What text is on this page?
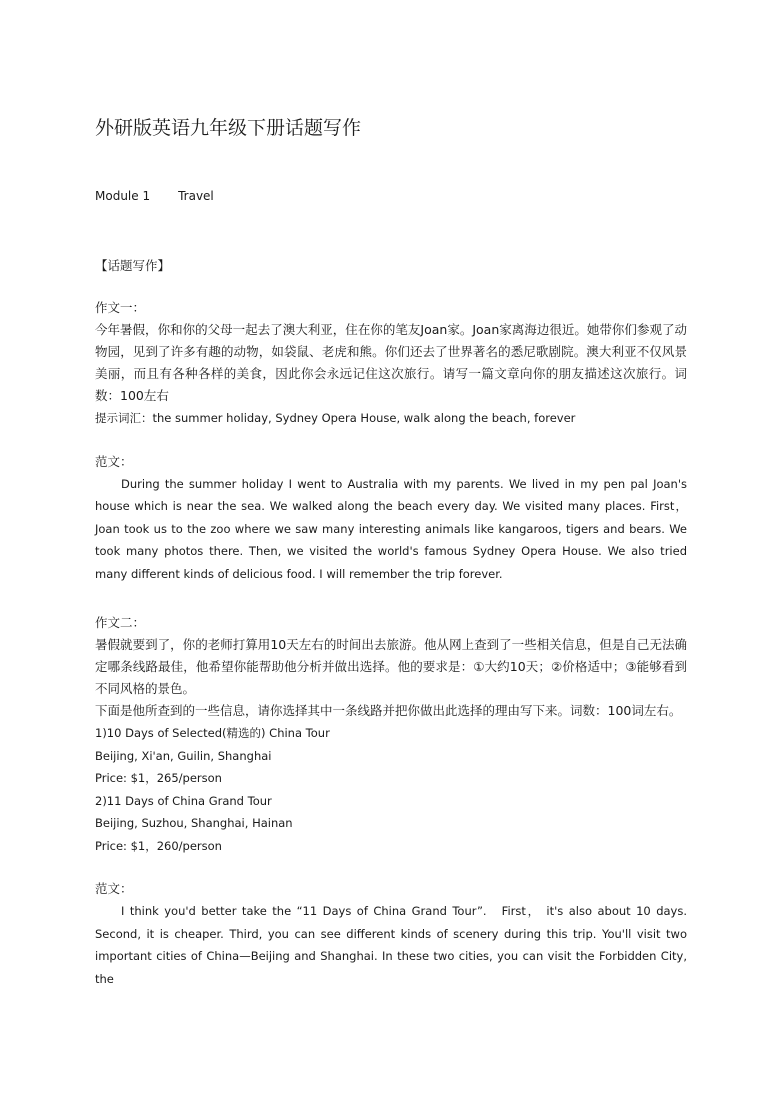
外研版英语九年级下册话题写作
Module 1 Travel
【话题写作】

作文一：

今年暑假，你和你的父母一起去了澳大利亚，住在你的笔友Joan家。Joan家离海边很近。她带你们参观了动物园，见到了许多有趣的动物，如袋鼠、老虎和熊。你们还去了世界著名的悉尼歌剧院。澳大利亚不仅风景美丽，而且有各种各样的美食，因此你会永远记住这次旅行。请写一篇文章向你的朋友描述这次旅行。词数：100左右

提示词汇：the summer holiday, Sydney Opera House, walk along the beach, forever

范文：

During the summer holiday I went to Australia with my parents. We lived in my pen pal Joan's house which is near the sea. We walked along the beach every day. We visited many places. First，Joan took us to the zoo where we saw many interesting animals like kangaroos, tigers and bears. We took many photos there. Then, we visited the world's famous Sydney Opera House. We also tried many different kinds of delicious food. I will remember the trip forever.

作文二：

暑假就要到了，你的老师打算用10天左右的时间出去旅游。他从网上查到了一些相关信息，但是自己无法确定哪条线路最佳，他希望你能帮助他分析并做出选择。他的要求是：①大约10天；②价格适中；③能够看到不同风格的景色。

下面是他所查到的一些信息，请你选择其中一条线路并把你做出此选择的理由写下来。词数：100词左右。

1)10 Days of Selected(精选的) China Tour

Beijing, Xi'an, Guilin, Shanghai

Price: $1，265/person

2)11 Days of China Grand Tour

Beijing, Suzhou, Shanghai, Hainan

Price: $1，260/person

范文：

I think you'd better take the “11 Days of China Grand Tour”.　First， it's also about 10 days. Second, it is cheaper. Third, you can see different kinds of scenery during this trip. You'll visit two important cities of China—Beijing and Shanghai. In these two cities, you can visit the Forbidden City, the
